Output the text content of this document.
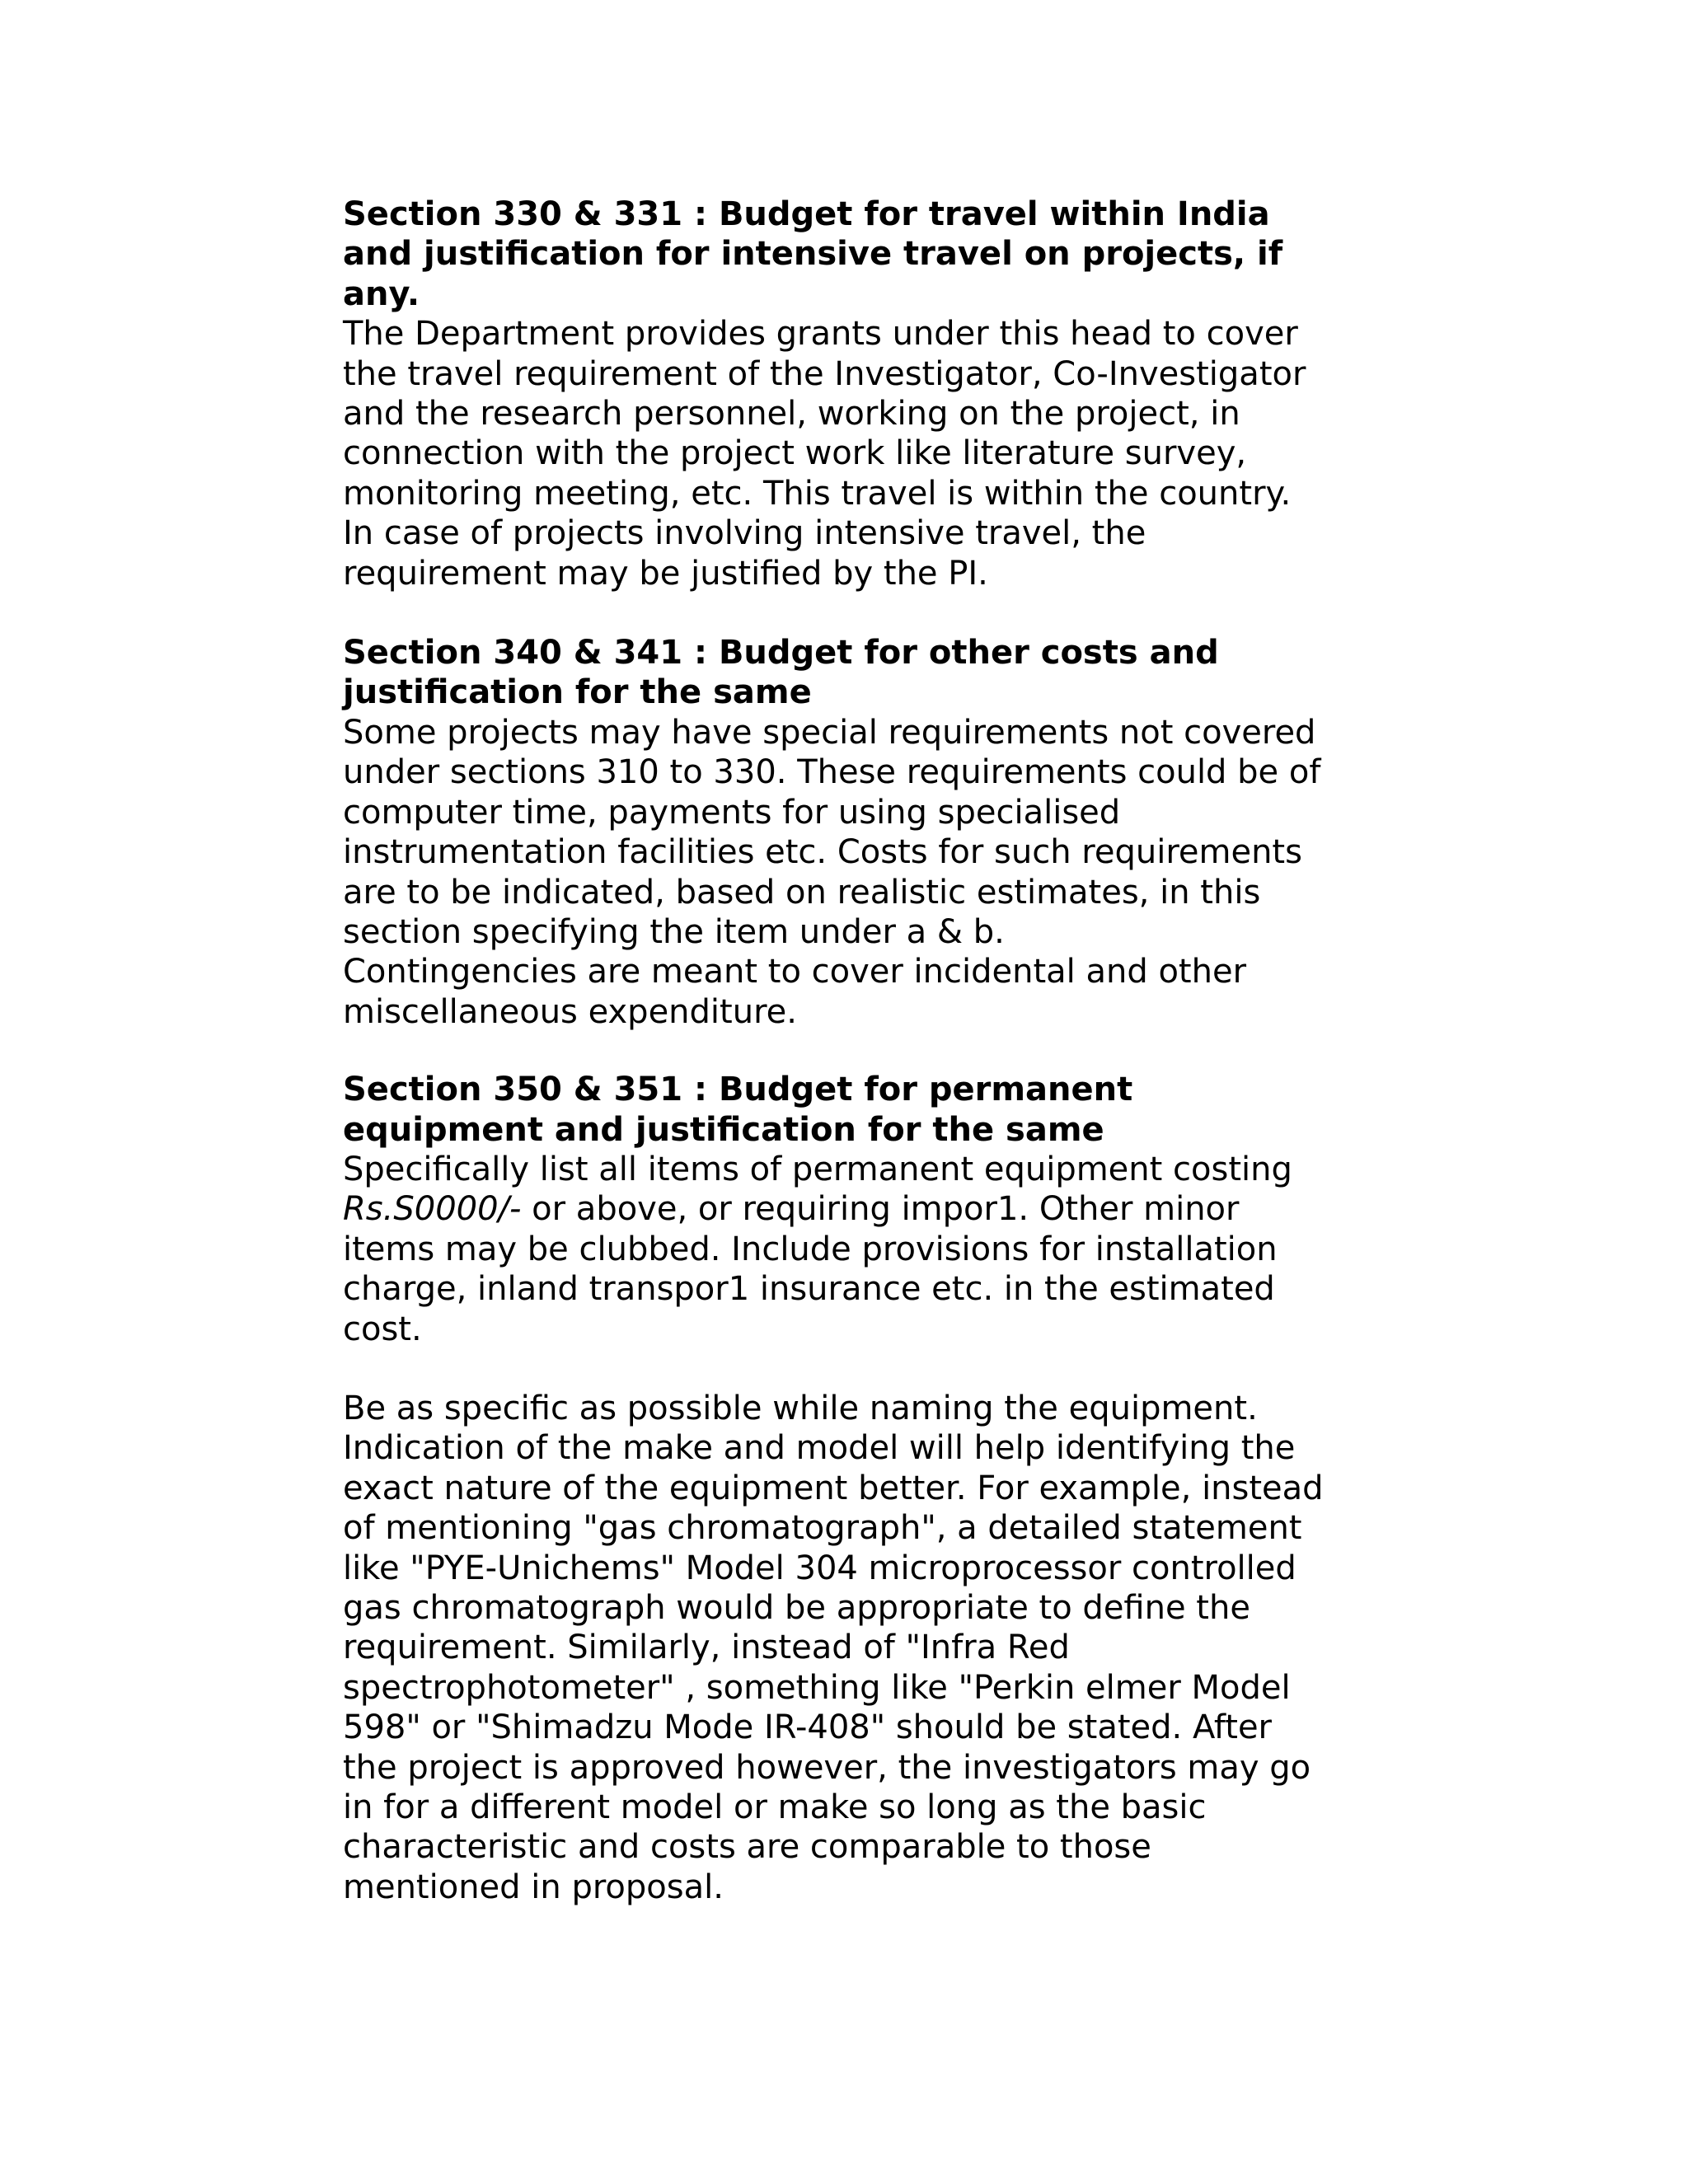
Section 330 & 331 : Budget for travel within India

and justification for intensive travel on projects, if

any.

The Department provides grants under this head to cover

the travel requirement of the Investigator, Co-Investigator

and the research personnel, working on the project, in

connection with the project work like literature survey,

monitoring meeting, etc. This travel is within the country.

In case of projects involving intensive travel, the

requirement may be justified by the PI.

Section 340 & 341 : Budget for other costs and

justification for the same

Some projects may have special requirements not covered

under sections 310 to 330. These requirements could be of

computer time, payments for using specialised

instrumentation facilities etc. Costs for such requirements

are to be indicated, based on realistic estimates, in this

section specifying the item under a & b.

Contingencies are meant to cover incidental and other

miscellaneous expenditure.

Section 350 & 351 : Budget for permanent

equipment and justification for the same

Specifically list all items of permanent equipment costing

Rs.S0000/- or above, or requiring impor1. Other minor

items may be clubbed. Include provisions for installation

charge, inland transpor1 insurance etc. in the estimated

cost.

Be as specific as possible while naming the equipment.

Indication of the make and model will help identifying the

exact nature of the equipment better. For example, instead

of mentioning "gas chromatograph", a detailed statement

like "PYE-Unichems" Model 304 microprocessor controlled

gas chromatograph would be appropriate to define the

requirement. Similarly, instead of "Infra Red

spectrophotometer" , something like "Perkin elmer Model

598" or "Shimadzu Mode IR-408" should be stated. After

the project is approved however, the investigators may go

in for a different model or make so long as the basic

characteristic and costs are comparable to those

mentioned in proposal.
